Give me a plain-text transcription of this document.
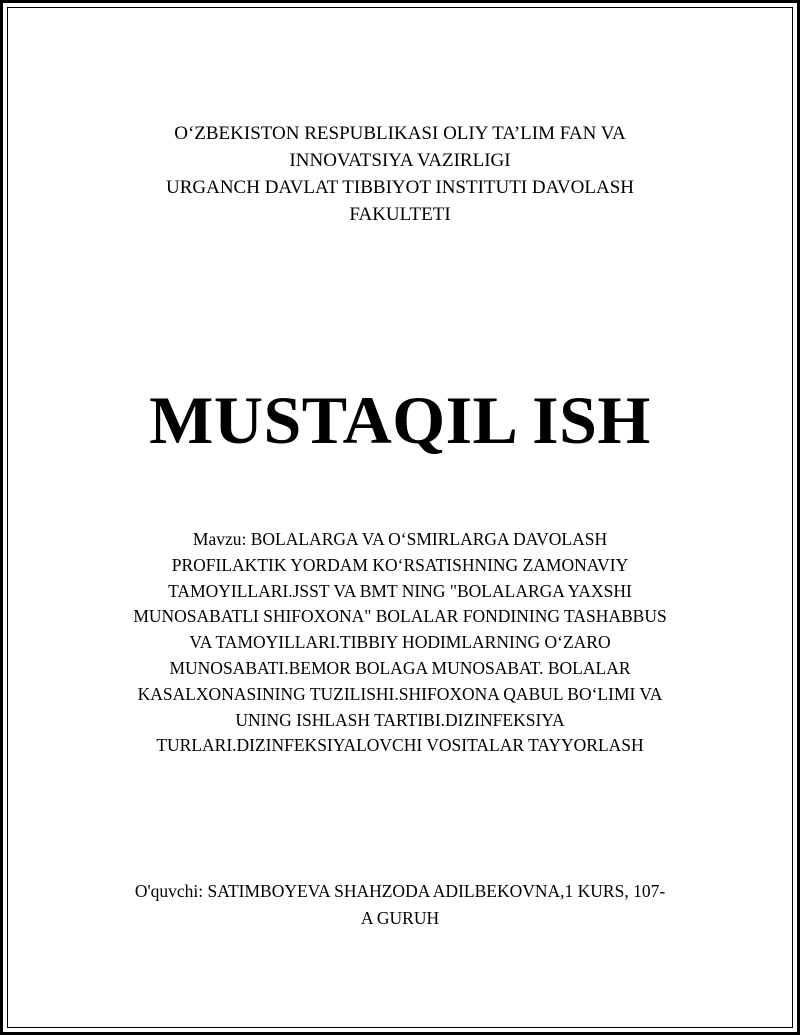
O‘ZBEKISTON RESPUBLIKASI OLIY TA’LIM FAN VA
INNOVATSIYA VAZIRLIGI
URGANCH DAVLAT TIBBIYOT INSTITUTI DAVOLASH
FAKULTETI
MUSTAQIL ISH
Mavzu: BOLALARGA VA O‘SMIRLARGA DAVOLASH
PROFILAKTIK YORDAM KO‘RSATISHNING ZAMONAVIY
TAMOYILLARI.JSST VA BMT NING "BOLALARGA YAXSHI
MUNOSABATLI SHIFOXONA" BOLALAR FONDINING TASHABBUS
VA TAMOYILLARI.TIBBIY HODIMLARNING O‘ZARO
MUNOSABATI.BEMOR BOLAGA MUNOSABAT. BOLALAR
KASALXONASINING TUZILISHI.SHIFOXONA QABUL BO‘LIMI VA
UNING ISHLASH TARTIBI.DIZINFEKSIYA
TURLARI.DIZINFEKSIYALOVCHI VOSITALAR TAYYORLASH
O'quvchi: SATIMBOYEVA SHAHZODA ADILBEKOVNA,1 KURS, 107-
A GURUH
